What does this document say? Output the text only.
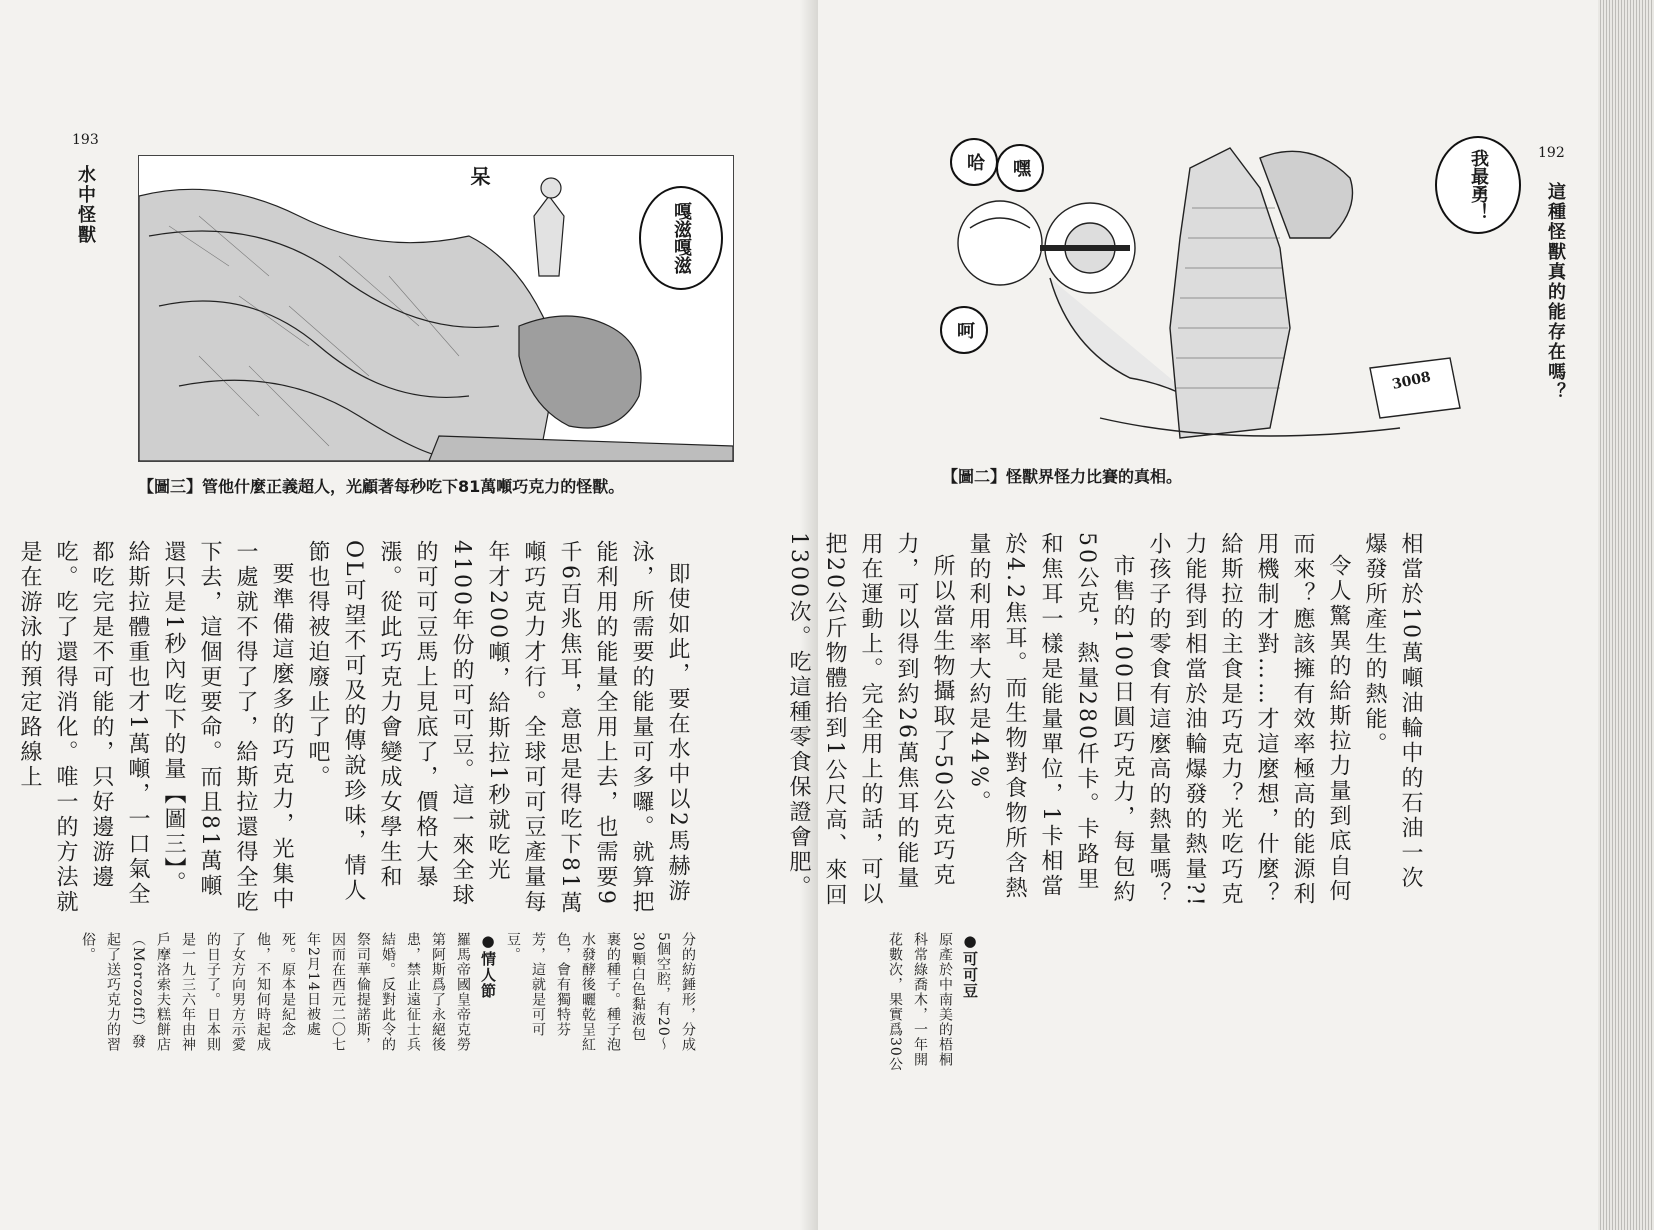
193
水中怪獸	呆
嘎滋嘎滋
【圖三】管他什麼正義超人，光顧著每秒吃下81萬噸巧克力的怪獸。

即使如此，要在水中以2馬赫游泳，所需要的能量可多囉。就算把能利用的能量全用上去，也需要9千6百兆焦耳，意思是得吃下81萬噸巧克力才行。全球可可豆產量每年才200噸，給斯拉1秒就吃光4100年份的可可豆。這一來全球的可可豆馬上見底了，價格大暴漲。從此巧克力會變成女學生和OL可望不可及的傳說珍味，情人節也得被迫廢止了吧。

要準備這麼多的巧克力，光集中一處就不得了了，給斯拉還得全吃下去，這個更要命。而且81萬噸還只是1秒內吃下的量【圖三】。給斯拉體重也才1萬噸，一口氣全都吃完是不可能的，只好邊游邊吃。吃了還得消化。唯一的方法就是在游泳的預定路線上

分的紡錘形，分成5個空腔，有20～30顆白色黏液包裹的種子。種子泡水發酵後曬乾呈紅色，會有獨特芬芳，這就是可可豆。

●情人節

羅馬帝國皇帝克勞第阿斯爲了永絕後患，禁止遠征士兵結婚。反對此令的祭司華倫提諾斯，因而在西元二〇七年2月14日被處死。原本是紀念他，不知何時起成了女方向男方示愛的日子了。日本則是一九三六年由神戶摩洛索夫糕餅店（Morozoff）發起了送巧克力的習俗。

192
這種怪獸真的能存在嗎？
哈	嘿
呵
我最勇！
3008
【圖二】怪獸界怪力比賽的真相。

相當於10萬噸油輪中的石油一次爆發所產生的熱能。

令人驚異的給斯拉力量到底自何而來？應該擁有效率極高的能源利用機制才對……才這麼想，什麼？給斯拉的主食是巧克力？光吃巧克力能得到相當於油輪爆發的熱量?!小孩子的零食有這麼高的熱量嗎？

市售的100日圓巧克力，每包約50公克，熱量280仟卡。卡路里和焦耳一樣是能量單位，1卡相當於4.2焦耳。而生物對食物所含熱量的利用率大約是44%。

所以當生物攝取了50公克巧克力，可以得到約26萬焦耳的能量用在運動上。完全用上的話，可以把20公斤物體抬到1公尺高、來回1300次。吃這種零食保證會肥。

●可可豆

原產於中南美的梧桐科常綠喬木，一年開花數次，果實爲30公
